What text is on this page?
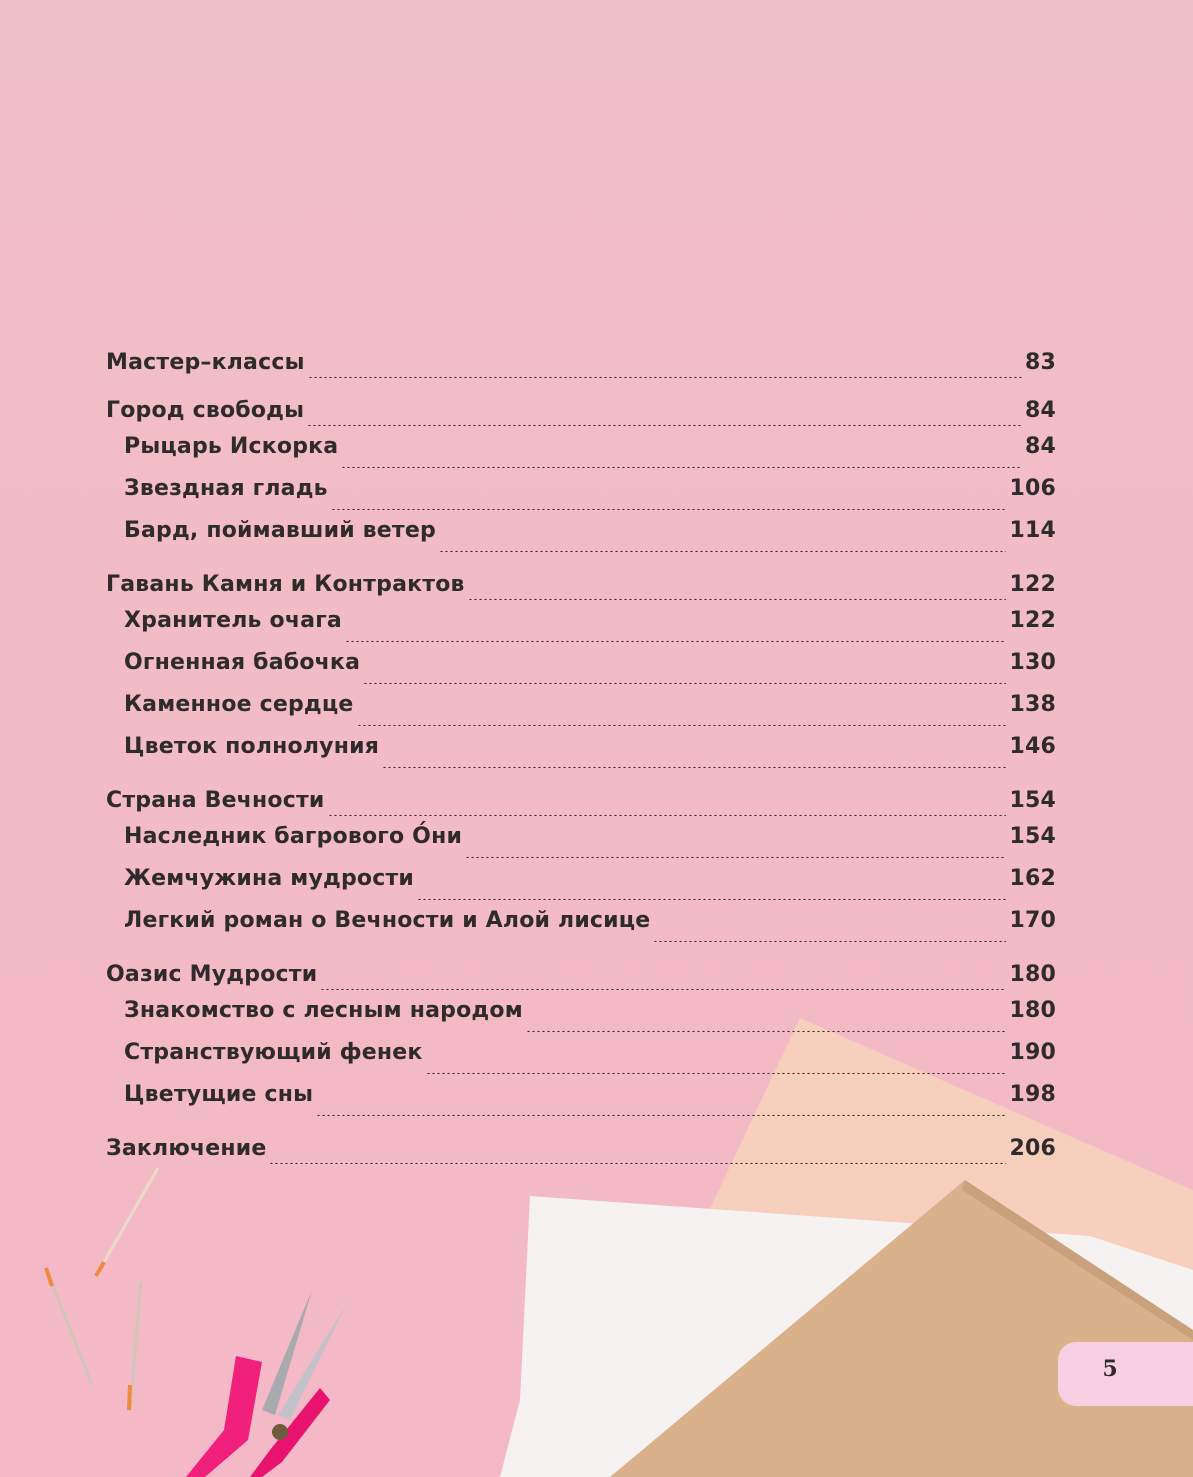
Мастер–классы	83
Город свободы	84
Рыцарь Искорка	84
Звездная гладь	106
Бард, поймавший ветер	114
Гавань Камня и Контрактов	122
Хранитель очага	122
Огненная бабочка	130
Каменное сердце	138
Цветок полнолуния	146
Страна Вечности	154
Наследник багрового О́ни	154
Жемчужина мудрости	162
Легкий роман о Вечности и Алой лисице	170
Оазис Мудрости	180
Знакомство с лесным народом	180
Странствующий фенек	190
Цветущие сны	198
Заключение	206
5
